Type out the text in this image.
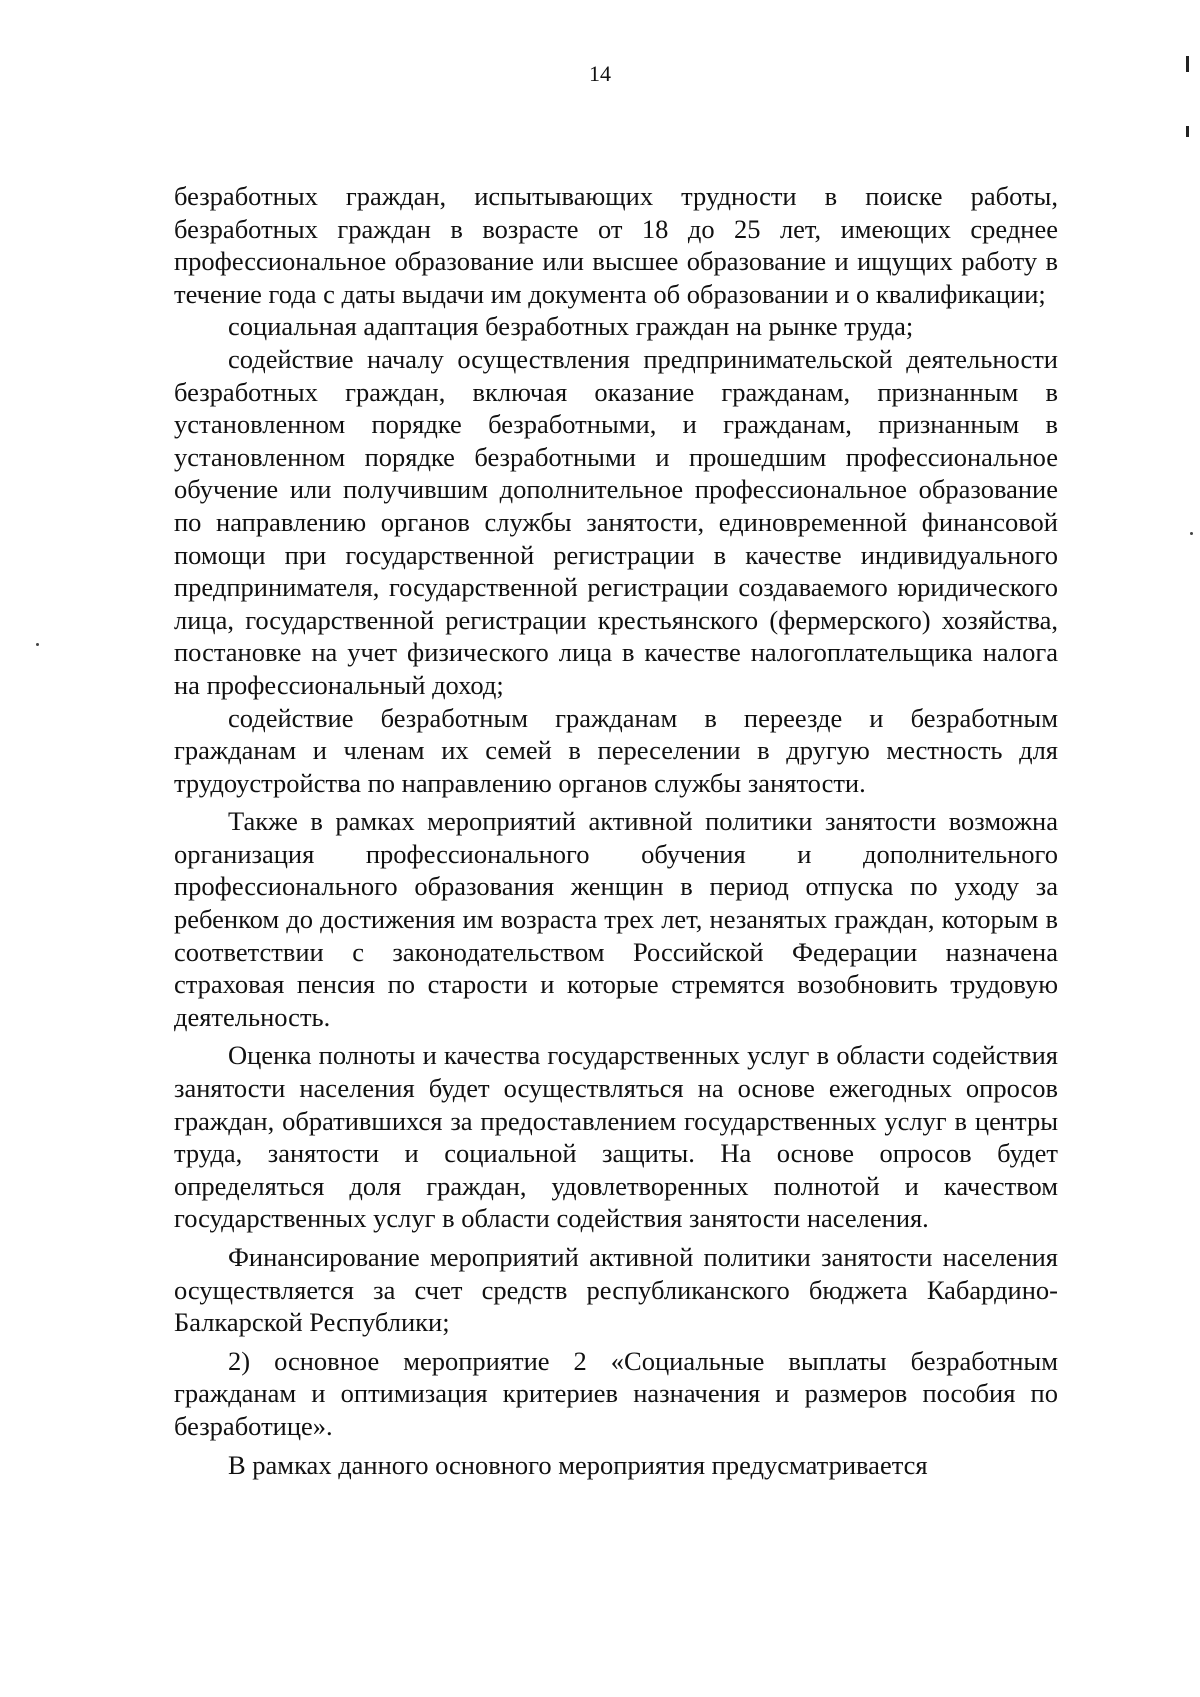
14

безработных граждан, испытывающих трудности в поиске работы, безработных граждан в возрасте от 18 до 25 лет, имеющих среднее профессиональное образование или высшее образование и ищущих работу в течение года с даты выдачи им документа об образовании и о квалификации;

социальная адаптация безработных граждан на рынке труда;

содействие началу осуществления предпринимательской деятельности безработных граждан, включая оказание гражданам, признанным в установленном порядке безработными, и гражданам, признанным в установленном порядке безработными и прошедшим профессиональное обучение или получившим дополнительное профессиональное образование по направлению органов службы занятости, единовременной финансовой помощи при государственной регистрации в качестве индивидуального предпринимателя, государственной регистрации создаваемого юридического лица, государственной регистрации крестьянского (фермерского) хозяйства, постановке на учет физического лица в качестве налогоплательщика налога на профессиональный доход;

содействие безработным гражданам в переезде и безработным гражданам и членам их семей в переселении в другую местность для трудоустройства по направлению органов службы занятости.

Также в рамках мероприятий активной политики занятости возможна организация профессионального обучения и дополнительного профессионального образования женщин в период отпуска по уходу за ребенком до достижения им возраста трех лет, незанятых граждан, которым в соответствии с законодательством Российской Федерации назначена страховая пенсия по старости и которые стремятся возобновить трудовую деятельность.

Оценка полноты и качества государственных услуг в области содействия занятости населения будет осуществляться на основе ежегодных опросов граждан, обратившихся за предоставлением государственных услуг в центры труда, занятости и социальной защиты. На основе опросов будет определяться доля граждан, удовлетворенных полнотой и качеством государственных услуг в области содействия занятости населения.

Финансирование мероприятий активной политики занятости населения осуществляется за счет средств республиканского бюджета Кабардино-Балкарской Республики;

2) основное мероприятие 2 «Социальные выплаты безработным гражданам и оптимизация критериев назначения и размеров пособия по безработице».

В рамках данного основного мероприятия предусматривается
